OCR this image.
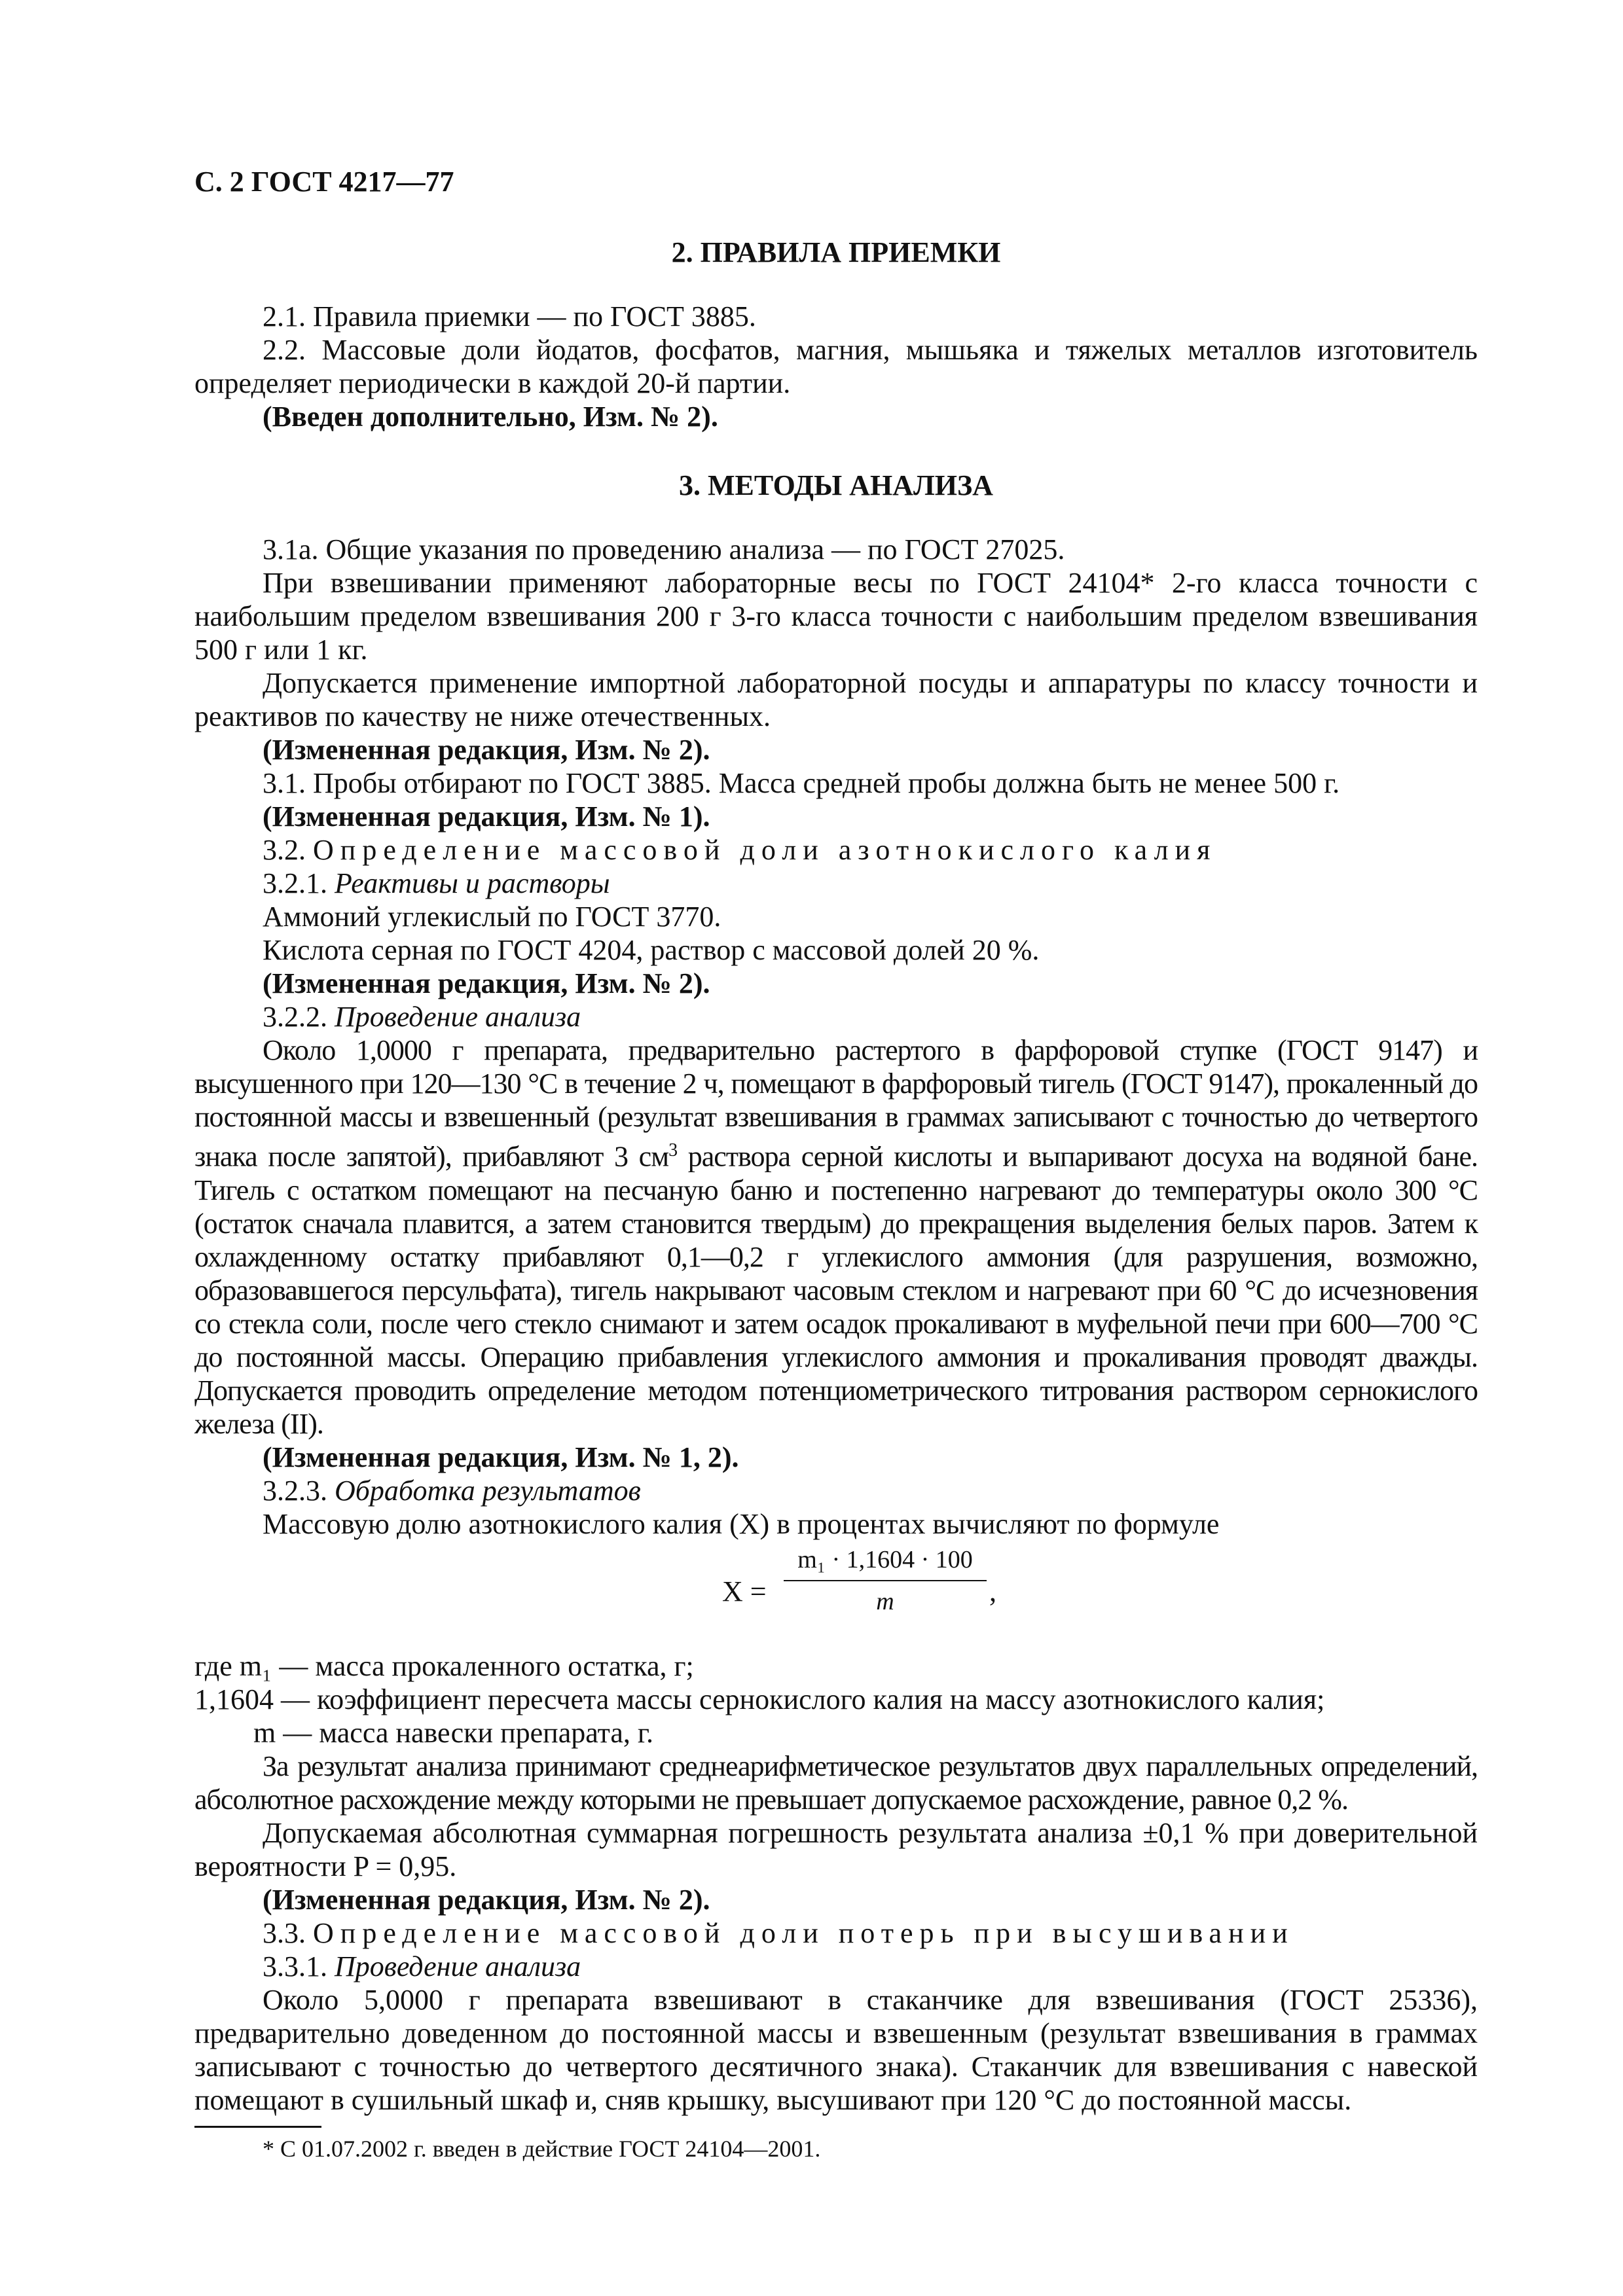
С. 2 ГОСТ 4217—77
2. ПРАВИЛА ПРИЕМКИ

2.1. Правила приемки — по ГОСТ 3885.

2.2. Массовые доли йодатов, фосфатов, магния, мышьяка и тяжелых металлов изготовитель определяет периодически в каждой 20-й партии.

(Введен дополнительно, Изм. № 2).

3. МЕТОДЫ АНАЛИЗА

3.1а. Общие указания по проведению анализа — по ГОСТ 27025.

При взвешивании применяют лабораторные весы по ГОСТ 24104* 2-го класса точности с наибольшим пределом взвешивания 200 г 3-го класса точности с наибольшим пределом взвешивания 500 г или 1 кг.

Допускается применение импортной лабораторной посуды и аппаратуры по классу точности и реактивов по качеству не ниже отечественных.

(Измененная редакция, Изм. № 2).

3.1. Пробы отбирают по ГОСТ 3885. Масса средней пробы должна быть не менее 500 г.

(Измененная редакция, Изм. № 1).

3.2. Определение массовой доли азотнокислого калия

3.2.1. Реактивы и растворы

Аммоний углекислый по ГОСТ 3770.

Кислота серная по ГОСТ 4204, раствор с массовой долей 20 %.

(Измененная редакция, Изм. № 2).

3.2.2. Проведение анализа

Около 1,0000 г препарата, предварительно растертого в фарфоровой ступке (ГОСТ 9147) и высушенного при 120—130 °С в течение 2 ч, помещают в фарфоровый тигель (ГОСТ 9147), прокаленный до постоянной массы и взвешенный (результат взвешивания в граммах записывают с точностью до четвертого знака после запятой), прибавляют 3 $см^3$ раствора серной кислоты и выпаривают досуха на водяной бане. Тигель с остатком помещают на песчаную баню и постепенно нагревают до температуры около 300 °С (остаток сначала плавится, а затем становится твердым) до прекращения выделения белых паров. Затем к охлажденному остатку прибавляют 0,1—0,2 г углекислого аммония (для разрушения, возможно, образовавшегося персульфата), тигель накрывают часовым стеклом и нагревают при 60 °С до исчезновения со стекла соли, после чего стекло снимают и затем осадок прокаливают в муфельной печи при 600—700 °С до постоянной массы. Операцию прибавления углекислого аммония и прокаливания проводят дважды. Допускается проводить определение методом потенциометрического титрования раствором сернокислого железа (II).

(Измененная редакция, Изм. № 1, 2).

3.2.3. Обработка результатов

Массовую долю азотнокислого калия (X) в процентах вычисляют по формуле

X =
m₁ · 1,1604 · 100
m	,

где m₁ — масса прокаленного остатка, г;

1,1604 — коэффициент пересчета массы сернокислого калия на массу азотнокислого калия;

m — масса навески препарата, г.

За результат анализа принимают среднеарифметическое результатов двух параллельных определений, абсолютное расхождение между которыми не превышает допускаемое расхождение, равное 0,2 %.

Допускаемая абсолютная суммарная погрешность результата анализа ±0,1 % при доверительной вероятности P = 0,95.

(Измененная редакция, Изм. № 2).

3.3. Определение массовой доли потерь при высушивании

3.3.1. Проведение анализа

Около 5,0000 г препарата взвешивают в стаканчике для взвешивания (ГОСТ 25336), предварительно доведенном до постоянной массы и взвешенным (результат взвешивания в граммах записывают с точностью до четвертого десятичного знака). Стаканчик для взвешивания с навеской помещают в сушильный шкаф и, сняв крышку, высушивают при 120 °С до постоянной массы.

* С 01.07.2002 г. введен в действие ГОСТ 24104—2001.
